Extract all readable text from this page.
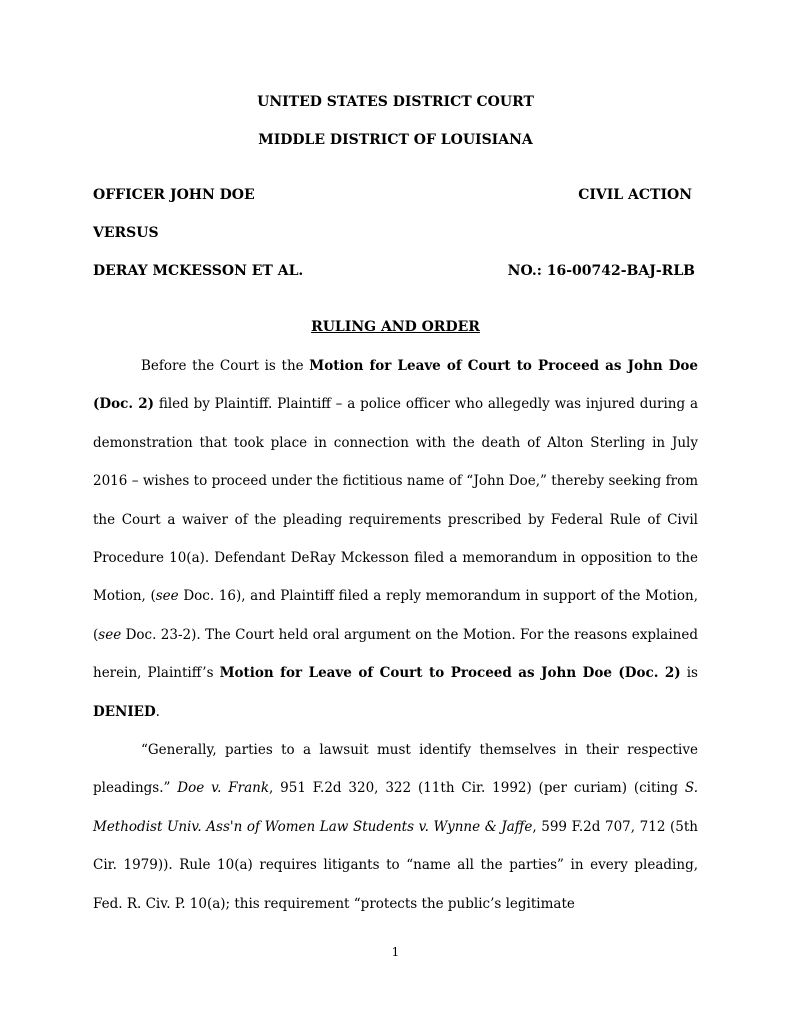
UNITED STATES DISTRICT COURT
MIDDLE DISTRICT OF LOUISIANA
OFFICER JOHN DOE	CIVIL ACTION
VERSUS
DERAY MCKESSON ET AL.	NO.: 16-00742-BAJ-RLB
RULING AND ORDER

Before the Court is the Motion for Leave of Court to Proceed as John Doe (Doc. 2) filed by Plaintiff. Plaintiff – a police officer who allegedly was injured during a demonstration that took place in connection with the death of Alton Sterling in July 2016 – wishes to proceed under the fictitious name of “John Doe,” thereby seeking from the Court a waiver of the pleading requirements prescribed by Federal Rule of Civil Procedure 10(a). Defendant DeRay Mckesson filed a memorandum in opposition to the Motion, (see Doc. 16), and Plaintiff filed a reply memorandum in support of the Motion, (see Doc. 23-2). The Court held oral argument on the Motion. For the reasons explained herein, Plaintiff’s Motion for Leave of Court to Proceed as John Doe (Doc. 2) is DENIED.

“Generally, parties to a lawsuit must identify themselves in their respective pleadings.” Doe v. Frank, 951 F.2d 320, 322 (11th Cir. 1992) (per curiam) (citing S. Methodist Univ. Ass'n of Women Law Students v. Wynne & Jaffe, 599 F.2d 707, 712 (5th Cir. 1979)). Rule 10(a) requires litigants to “name all the parties” in every pleading, Fed. R. Civ. P. 10(a); this requirement “protects the public’s legitimate

1
